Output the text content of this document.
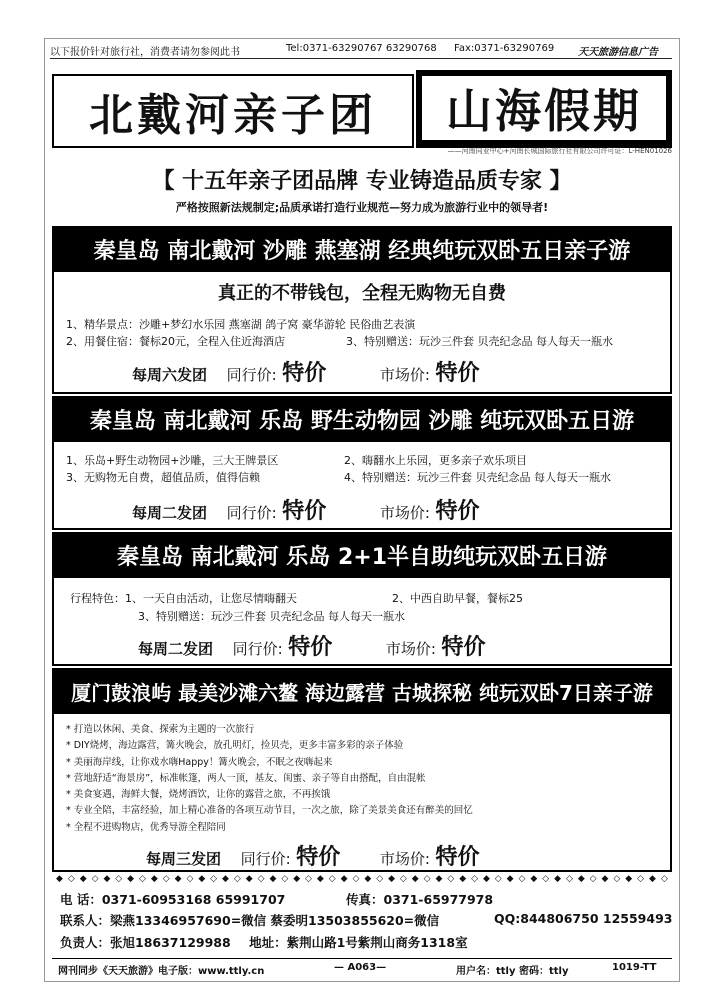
以下报价针对旅行社，消费者请勿参阅此书	Tel:0371-63290767 63290768 Fax:0371-63290769 天天旅游信息广告
北戴河亲子团	山海假期
——河南同业中心+河南长城国际旅行社有限公司许可证：L-HEN01026
【 十五年亲子团品牌 专业铸造品质专家 】
严格按照新法规制定;品质承诺打造行业规范—努力成为旅游行业中的领导者!
秦皇岛 南北戴河 沙雕 燕塞湖 经典纯玩双卧五日亲子游
真正的不带钱包，全程无购物无自费
1、精华景点：沙雕+梦幻水乐园 燕塞湖 鸽子窝 豪华游轮 民俗曲艺表演
2、用餐住宿：餐标20元，全程入住近海酒店	3、特别赠送：玩沙三件套 贝壳纪念品 每人每天一瓶水
每周六发团 同行价: 特价	市场价: 特价
秦皇岛 南北戴河 乐岛 野生动物园 沙雕 纯玩双卧五日游
1、乐岛+野生动物园+沙雕，三大王牌景区	2、嗨翻水上乐园，更多亲子欢乐项目
3、无购物无自费，超值品质，值得信赖	4、特别赠送：玩沙三件套 贝壳纪念品 每人每天一瓶水
每周二发团 同行价: 特价	市场价: 特价
秦皇岛 南北戴河 乐岛 2+1半自助纯玩双卧五日游
行程特色：1、一天自由活动，让您尽情嗨翻天	2、中西自助早餐，餐标25
3、特别赠送：玩沙三件套 贝壳纪念品 每人每天一瓶水
每周二发团 同行价: 特价	市场价: 特价
厦门鼓浪屿 最美沙滩六鳌 海边露营 古城探秘 纯玩双卧7日亲子游
* 打造以休闲、美食、探索为主题的一次旅行
* DIY烧烤，海边露营，篝火晚会，放孔明灯，捡贝壳，更多丰富多彩的亲子体验
* 美丽海岸线，让你戏水嗨Happy！篝火晚会，不眠之夜嗨起来
* 营地舒适“海景房”，标准帐篷，两人一顶，基友、闺蜜、亲子等自由搭配，自由混帐
* 美食宴遇，海鲜大餐，烧烤酒饮，让你的露营之旅，不再挨饿
* 专业全陪，丰富经验，加上精心准备的各项互动节目，一次之旅，除了美景美食还有醉美的回忆
* 全程不进购物店，优秀导游全程陪同
每周三发团 同行价: 特价	市场价: 特价
◆ ◇ ◆ ◇ ◆ ◇ ◆ ◇ ◆ ◇ ◆ ◇ ◆ ◇ ◆ ◇ ◆ ◇ ◆ ◇ ◆ ◇ ◆ ◇ ◆ ◇ ◆ ◇ ◆ ◇ ◆ ◇ ◆ ◇ ◆ ◇ ◆ ◇ ◆ ◇ ◆ ◇ ◆ ◇ ◆ ◇ ◆ ◇ ◆ ◇ ◆ ◇
电 话：0371-60953168 65991707	传真：0371-65977978
联系人：梁燕13346957690=微信 蔡委明13503855620=微信	QQ:844806750 12559493
负责人：张旭18637129988 地址：紫荆山路1号紫荆山商务1318室
网刊同步《天天旅游》电子版：www.ttly.cn	— A063—	用户名：ttly 密码：ttly	1019-TT
